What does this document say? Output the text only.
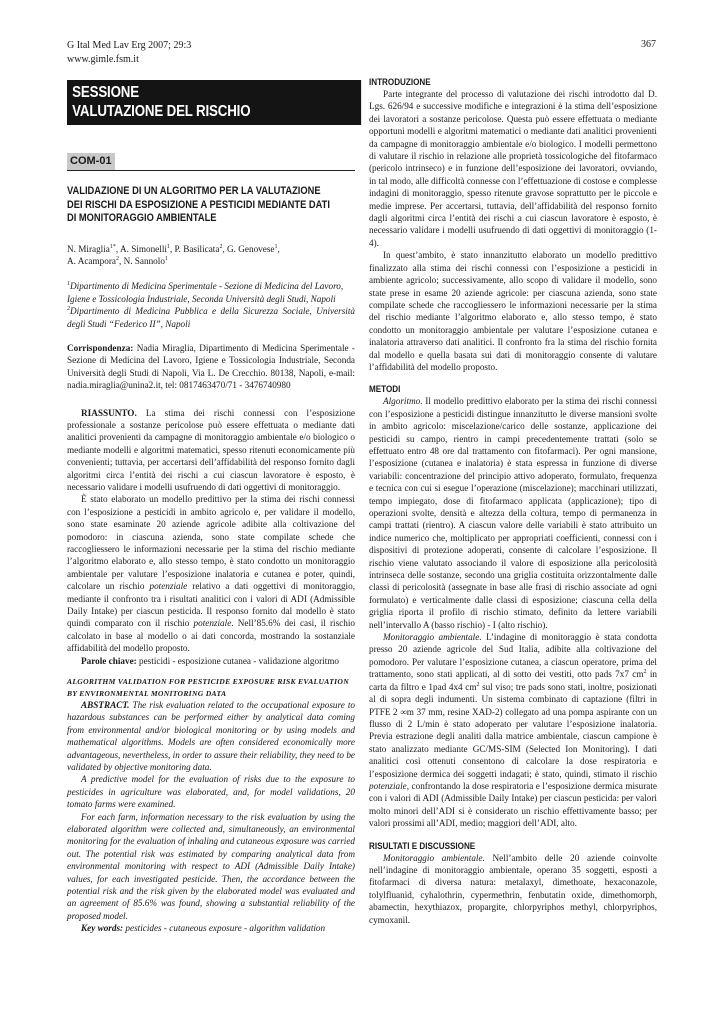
G Ital Med Lav Erg 2007; 29:3
www.gimle.fsm.it
367
SESSIONE
VALUTAZIONE DEL RISCHIO
COM-01
VALIDAZIONE DI UN ALGORITMO PER LA VALUTAZIONE
DEI RISCHI DA ESPOSIZIONE A PESTICIDI MEDIANTE DATI
DI MONITORAGGIO AMBIENTALE
N. Miraglia$^{1*}$, A. Simonelli$^1$, P. Basilicata$^2$, G. Genovese$^1$,
A. Acampora$^2$, N. Sannolo$^1$
$^1$Dipartimento di Medicina Sperimentale - Sezione di Medicina del Lavoro, Igiene e Tossicologia Industriale, Seconda Università degli Studi, Napoli
$^2$Dipartimento di Medicina Pubblica e della Sicurezza Sociale, Università degli Studi “Federico II”, Napoli
Corrispondenza: Nadia Miraglia, Dipartimento di Medicina Sperimentale - Sezione di Medicina del Lavoro, Igiene e Tossicologia Industriale, Seconda Università degli Studi di Napoli, Via L. De Crecchio. 80138, Napoli, e-mail: nadia.miraglia@unina2.it, tel: 0817463470/71 - 3476740980

RIASSUNTO. La stima dei rischi connessi con l’esposizione professionale a sostanze pericolose può essere effettuata o mediante dati analitici provenienti da campagne di monitoraggio ambientale e/o biologico o mediante modelli e algoritmi matematici, spesso ritenuti economicamente più convenienti; tuttavia, per accertarsi dell’affidabilità del responso fornito dagli algoritmi circa l’entità dei rischi a cui ciascun lavoratore è esposto, è necessario validare i modelli usufruendo di dati oggettivi di monitoraggio.

È stato elaborato un modello predittivo per la stima dei rischi connessi con l’esposizione a pesticidi in ambito agricolo e, per validare il modello, sono state esaminate 20 aziende agricole adibite alla coltivazione del pomodoro: in ciascuna azienda, sono state compilate schede che raccogliessero le informazioni necessarie per la stima del rischio mediante l’algoritmo elaborato e, allo stesso tempo, è stato condotto un monitoraggio ambientale per valutare l’esposizione inalatoria e cutanea e poter, quindi, calcolare un rischio potenziale relativo a dati oggettivi di monitoraggio, mediante il confronto tra i risultati analitici con i valori di ADI (Admissible Daily Intake) per ciascun pesticida. Il responso fornito dal modello è stato quindi comparato con il rischio potenziale. Nell’85.6% dei casi, il rischio calcolato in base al modello o ai dati concorda, mostrando la sostanziale affidabilità del modello proposto.

Parole chiave: pesticidi - esposizione cutanea - validazione algoritmo

ALGORITHM VALIDATION FOR PESTICIDE EXPOSURE RISK EVALUATION BY ENVIRONMENTAL MONITORING DATA

ABSTRACT. The risk evaluation related to the occupational exposure to hazardous substances can be performed either by analytical data coming from environmental and/or biological monitoring or by using models and mathematical algorithms. Models are often considered economically more advantageous, nevertheless, in order to assure their reliability, they need to be validated by objective monitoring data.

A predictive model for the evaluation of risks due to the exposure to pesticides in agriculture was elaborated, and, for model validations, 20 tomato farms were examined.

For each farm, information necessary to the risk evaluation by using the elaborated algorithm were collected and, simultaneously, an environmental monitoring for the evaluation of inhaling and cutaneous exposure was carried out. The potential risk was estimated by comparing analytical data from environmental monitoring with respect to ADI (Admissible Daily Intake) values, for each investigated pesticide. Then, the accordance between the potential risk and the risk given by the elaborated model was evaluated and an agreement of 85.6% was found, showing a substantial reliability of the proposed model.

Key words: pesticides - cutaneous exposure - algorithm validation

INTRODUZIONE

Parte integrante del processo di valutazione dei rischi introdotto dal D. Lgs. 626/94 e successive modifiche e integrazioni è la stima dell’esposizione dei lavoratori a sostanze pericolose. Questa può essere effettuata o mediante opportuni modelli e algoritmi matematici o mediante dati analitici provenienti da campagne di monitoraggio ambientale e/o biologico. I modelli permettono di valutare il rischio in relazione alle proprietà tossicologiche del fitofarmaco (pericolo intrinseco) e in funzione dell’esposizione dei lavoratori, ovviando, in tal modo, alle difficoltà connesse con l’effettuazione di costose e complesse indagini di monitoraggio, spesso ritenute gravose soprattutto per le piccole e medie imprese. Per accertarsi, tuttavia, dell’affidabilità del responso fornito dagli algoritmi circa l’entità dei rischi a cui ciascun lavoratore è esposto, è necessario validare i modelli usufruendo di dati oggettivi di monitoraggio (1-4).

In quest’ambito, è stato innanzitutto elaborato un modello predittivo finalizzato alla stima dei rischi connessi con l’esposizione a pesticidi in ambiente agricolo; successivamente, allo scopo di validare il modello, sono state prese in esame 20 aziende agricole: per ciascuna azienda, sono state compilate schede che raccogliessero le informazioni necessarie per la stima del rischio mediante l’algoritmo elaborato e, allo stesso tempo, è stato condotto un monitoraggio ambientale per valutare l’esposizione cutanea e inalatoria attraverso dati analitici. Il confronto fra la stima del rischio fornita dal modello e quella basata sui dati di monitoraggio consente di valutare l’affidabilità del modello proposto.

METODI

Algoritmo. Il modello predittivo elaborato per la stima dei rischi connessi con l’esposizione a pesticidi distingue innanzitutto le diverse mansioni svolte in ambito agricolo: miscelazione/carico delle sostanze, applicazione dei pesticidi su campo, rientro in campi precedentemente trattati (solo se effettuato entro 48 ore dal trattamento con fitofarmaci). Per ogni mansione, l’esposizione (cutanea e inalatoria) è stata espressa in funzione di diverse variabili: concentrazione del principio attivo adoperato, formulato, frequenza e tecnica con cui si esegue l’operazione (miscelazione); macchinari utilizzati, tempo impiegato, dose di fitofarmaco applicata (applicazione); tipo di operazioni svolte, densità e altezza della coltura, tempo di permanenza in campi trattati (rientro). A ciascun valore delle variabili è stato attribuito un indice numerico che, moltiplicato per appropriati coefficienti, connessi con i dispositivi di protezione adoperati, consente di calcolare l’esposizione. Il rischio viene valutato associando il valore di esposizione alla pericolosità intrinseca delle sostanze, secondo una griglia costituita orizzontalmente dalle classi di pericolosità (assegnate in base alle frasi di rischio associate ad ogni formulato) e verticalmente dalle classi di esposizione; ciascuna cella della griglia riporta il profilo di rischio stimato, definito da lettere variabili nell’intervallo A (basso rischio) - I (alto rischio).

Monitoraggio ambientale. L’indagine di monitoraggio è stata condotta presso 20 aziende agricole del Sud Italia, adibite alla coltivazione del pomodoro. Per valutare l’esposizione cutanea, a ciascun operatore, prima del trattamento, sono stati applicati, al di sotto dei vestiti, otto pads 7x7 $cm^2$ in carta da filtro e 1pad 4x4 $cm^2$ sul viso; tre pads sono stati, inoltre, posizionati al di sopra degli indumenti. Un sistema combinato di captazione (filtri in PTFE 2 ∞m 37 mm, resine XAD-2) collegato ad una pompa aspirante con un flusso di 2 L/min è stato adoperato per valutare l’esposizione inalatoria. Previa estrazione degli analiti dalla matrice ambientale, ciascun campione è stato analizzato mediante GC/MS-SIM (Selected Ion Monitoring). I dati analitici così ottenuti consentono di calcolare la dose respiratoria e l’esposizione dermica dei soggetti indagati; è stato, quindi, stimato il rischio potenziale, confrontando la dose respiratoria e l’esposizione dermica misurate con i valori di ADI (Admissible Daily Intake) per ciascun pesticida: per valori molto minori dell’ADI si è considerato un rischio effettivamente basso; per valori prossimi all’ADI, medio; maggiori dell’ADI, alto.

RISULTATI E DISCUSSIONE

Monitoraggio ambientale. Nell’ambito delle 20 aziende coinvolte nell’indagine di monitoraggio ambientale, operano 35 soggetti, esposti a fitofarmaci di diversa natura: metalaxyl, dimethoate, hexaconazole, tolylfluanid, cyhalothrin, cypermethrin, fenbutatin oxide, dimethomorph, abamectin, hexythiazox, propargite, chlorpyriphos methyl, chlorpyriphos, cymoxanil.
